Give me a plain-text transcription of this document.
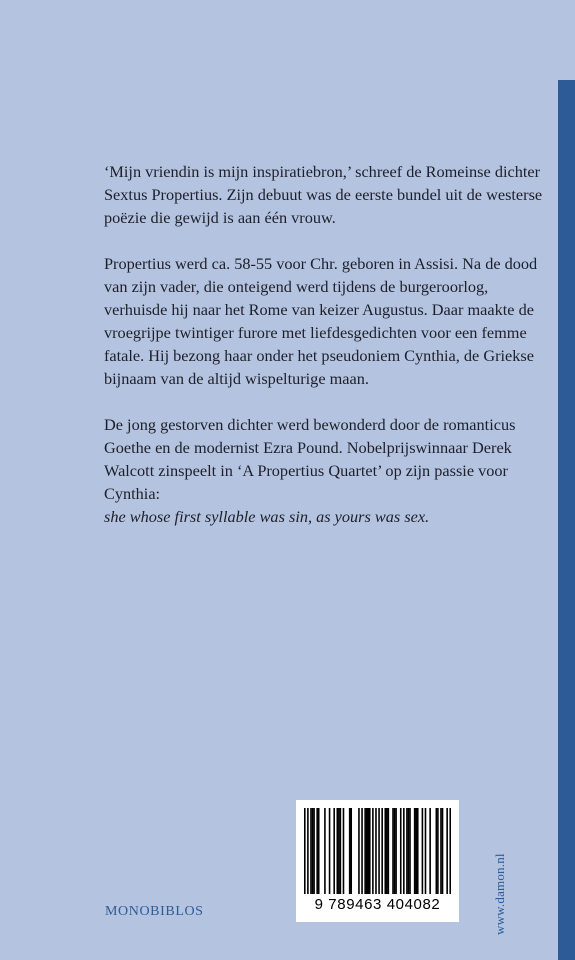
‘Mijn vriendin is mijn inspiratiebron,’ schreef de Romeinse dichter Sextus Propertius. Zijn debuut was de eerste bundel uit de westerse poëzie die gewijd is aan één vrouw.

Propertius werd ca. 58-55 voor Chr. geboren in Assisi. Na de dood van zijn vader, die onteigend werd tijdens de burgeroorlog, verhuisde hij naar het Rome van keizer Augustus. Daar maakte de vroegrijpe twintiger furore met liefdesgedichten voor een femme fatale. Hij bezong haar onder het pseudoniem Cynthia, de Griekse bijnaam van de altijd wispelturige maan.

De jong gestorven dichter werd bewonderd door de romanticus Goethe en de modernist Ezra Pound. Nobelprijswinnaar Derek Walcott zinspeelt in ‘A Propertius Quartet’ op zijn passie voor Cynthia:
she whose first syllable was sin, as yours was sex.

www.damon.nl
MONOBIBLOS	9 789463 404082
